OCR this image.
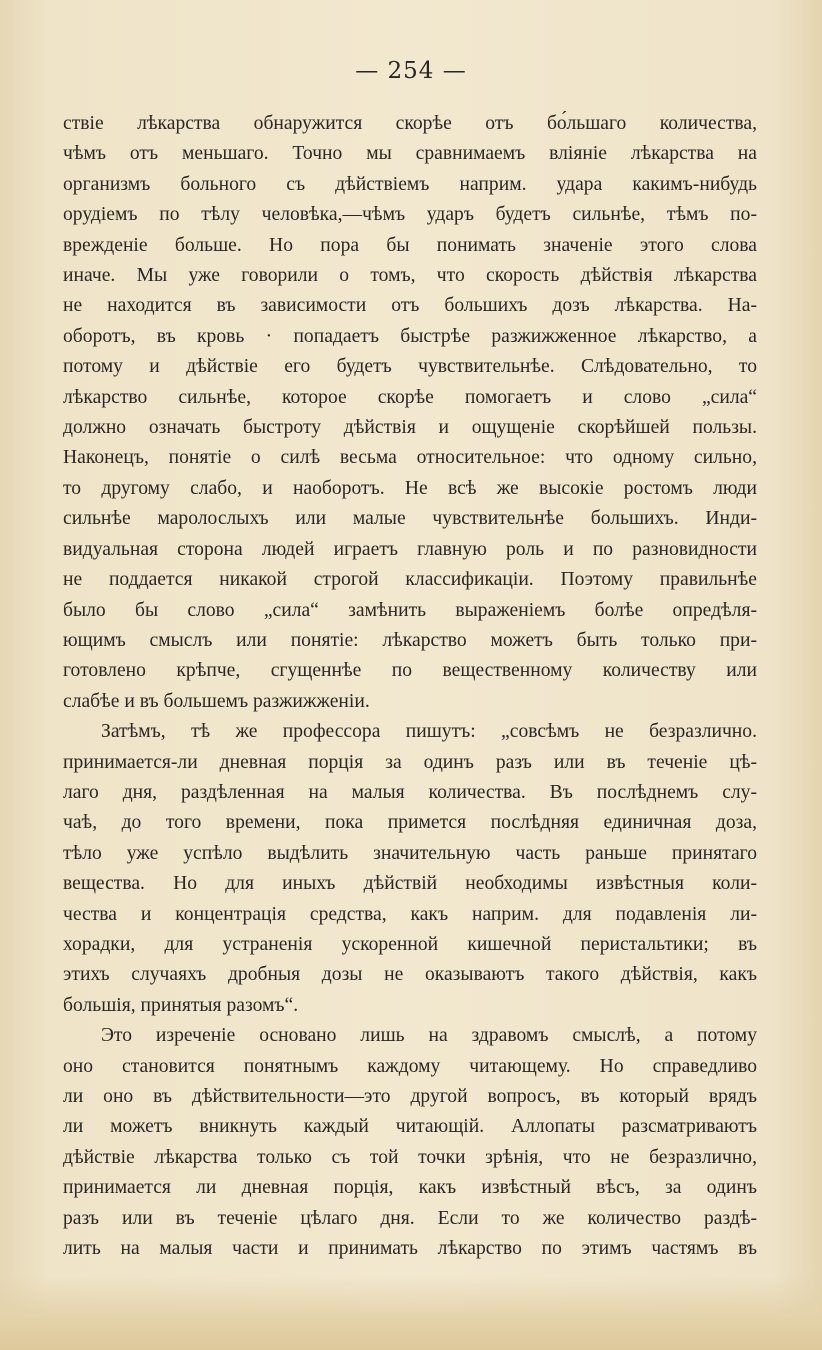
— 254 —
ствіе лѣкарства обнаружится скорѣе отъ бо́льшаго количества,
чѣмъ отъ меньшаго. Точно мы сравнимаемъ вліяніе лѣкарства на
организмъ больного съ дѣйствіемъ наприм. удара какимъ-нибудь
орудіемъ по тѣлу человѣка,—чѣмъ ударъ будетъ сильнѣе, тѣмъ по-
врежденіе больше. Но пора бы понимать значеніе этого слова
иначе. Мы уже говорили о томъ, что скорость дѣйствія лѣкарства
не находится въ зависимости отъ большихъ дозъ лѣкарства. На-
оборотъ, въ кровь · попадаетъ быстрѣе разжижженное лѣкарство, а
потому и дѣйствіе его будетъ чувствительнѣе. Слѣдовательно, то
лѣкарство сильнѣе, которое скорѣе помогаетъ и слово „сила“
должно означать быстроту дѣйствія и ощущеніе скорѣйшей пользы.
Наконецъ, понятіе о силѣ весьма относительное: что одному сильно,
то другому слабо, и наоборотъ. Не всѣ же высокіе ростомъ люди
сильнѣе маролослыхъ или малые чувствительнѣе большихъ. Инди-
видуальная сторона людей играетъ главную роль и по разновидности
не поддается никакой строгой классификаціи. Поэтому правильнѣе
было бы слово „сила“ замѣнить выраженіемъ болѣе опредѣля-
ющимъ смыслъ или понятіе: лѣкарство можетъ быть только при-
готовлено крѣпче, сгущеннѣе по вещественному количеству или
слабѣе и въ большемъ разжижженіи.
Затѣмъ, тѣ же профессора пишутъ: „совсѣмъ не безразлично.
принимается-ли дневная порція за одинъ разъ или въ теченіе цѣ-
лаго дня, раздѣленная на малыя количества. Въ послѣднемъ слу-
чаѣ, до того времени, пока примется послѣдняя единичная доза,
тѣло уже успѣло выдѣлить значительную часть раньше принятаго
вещества. Но для иныхъ дѣйствій необходимы извѣстныя коли-
чества и концентрація средства, какъ наприм. для подавленія ли-
хорадки, для устраненія ускоренной кишечной перистальтики; въ
этихъ случаяхъ дробныя дозы не оказываютъ такого дѣйствія, какъ
большія, принятыя разомъ“.
Это изреченіе основано лишь на здравомъ смыслѣ, а потому
оно становится понятнымъ каждому читающему. Но справедливо
ли оно въ дѣйствительности—это другой вопросъ, въ который врядъ
ли можетъ вникнуть каждый читающій. Аллопаты разсматриваютъ
дѣйствіе лѣкарства только съ той точки зрѣнія, что не безразлично,
принимается ли дневная порція, какъ извѣстный вѣсъ, за одинъ
разъ или въ теченіе цѣлаго дня. Если то же количество раздѣ-
лить на малыя части и принимать лѣкарство по этимъ частямъ въ
